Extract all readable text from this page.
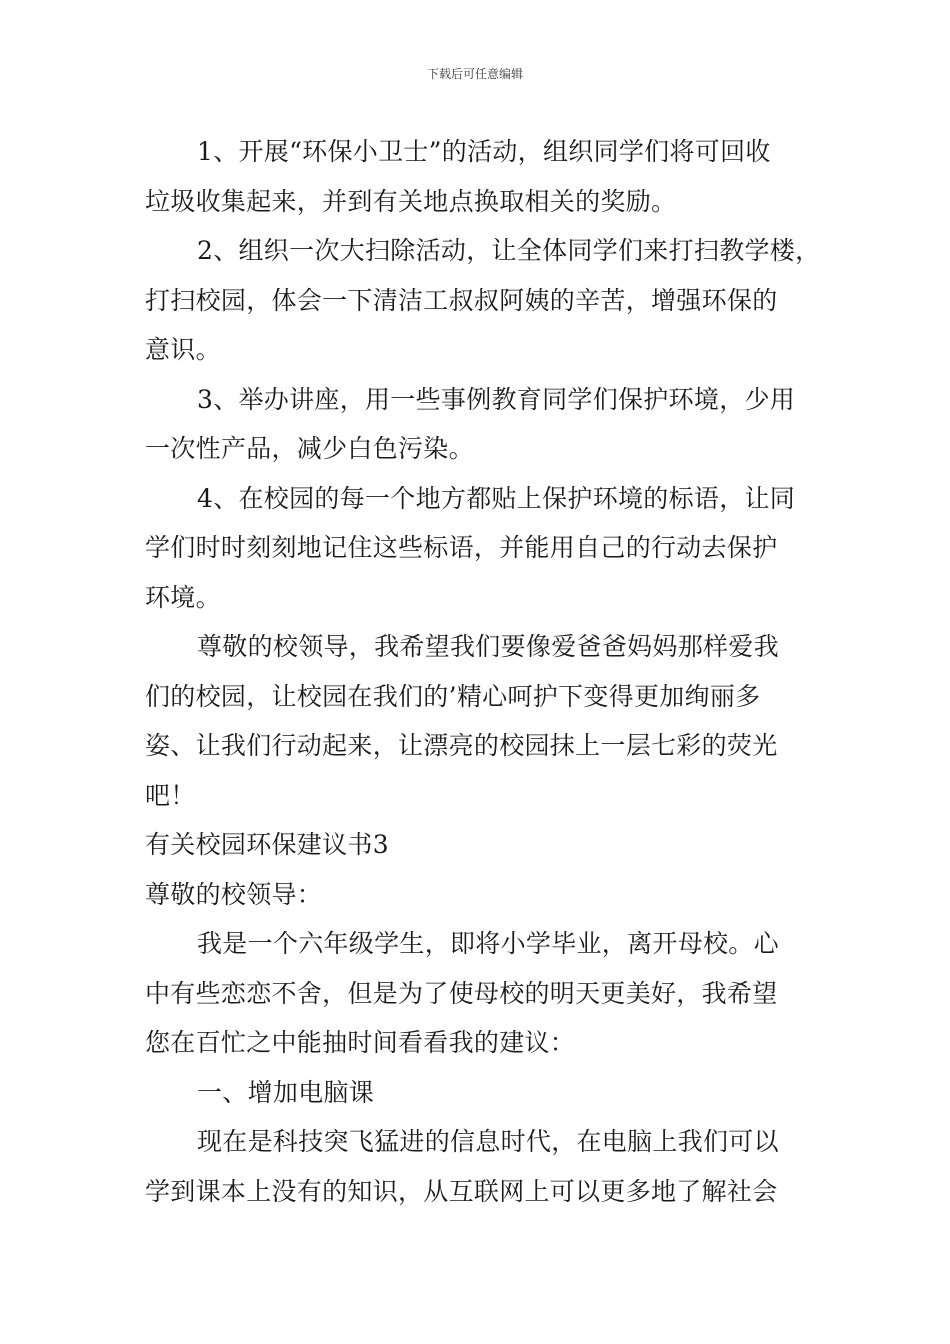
下载后可任意编辑
1、开展“环保小卫士”的活动，组织同学们将可回收
垃圾收集起来，并到有关地点换取相关的奖励。
2、组织一次大扫除活动，让全体同学们来打扫教学楼，
打扫校园，体会一下清洁工叔叔阿姨的辛苦，增强环保的
意识。
3、举办讲座，用一些事例教育同学们保护环境，少用
一次性产品，减少白色污染。
4、在校园的每一个地方都贴上保护环境的标语，让同
学们时时刻刻地记住这些标语，并能用自己的行动去保护
环境。
尊敬的校领导，我希望我们要像爱爸爸妈妈那样爱我
们的校园，让校园在我们的’精心呵护下变得更加绚丽多
姿、让我们行动起来，让漂亮的校园抹上一层七彩的荧光
吧！
有关校园环保建议书3
尊敬的校领导：
我是一个六年级学生，即将小学毕业，离开母校。心
中有些恋恋不舍，但是为了使母校的明天更美好，我希望
您在百忙之中能抽时间看看我的建议：
一、增加电脑课
现在是科技突飞猛进的信息时代，在电脑上我们可以
学到课本上没有的知识，从互联网上可以更多地了解社会
